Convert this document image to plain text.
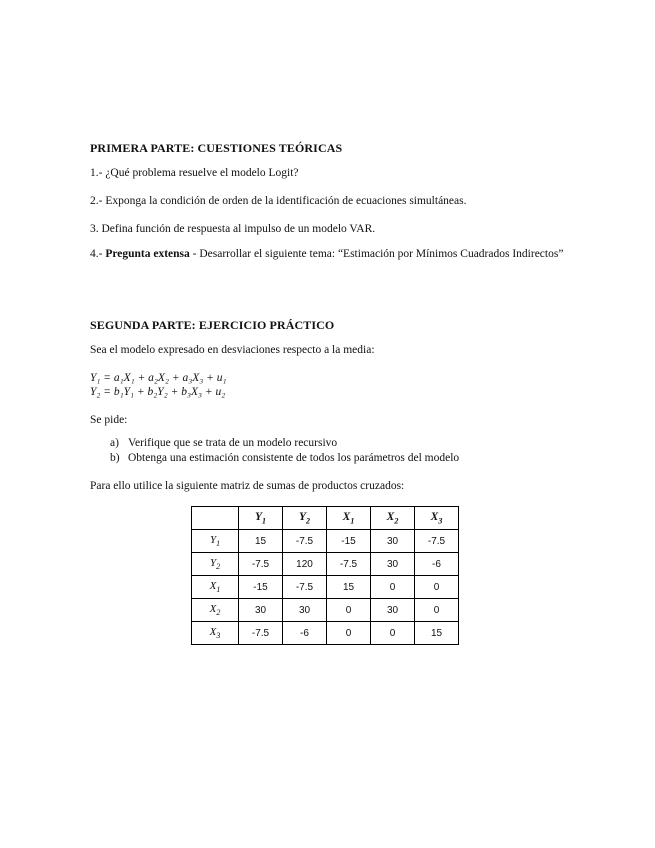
PRIMERA PARTE: CUESTIONES TEÓRICAS
1.- ¿Qué problema resuelve el modelo Logit?
2.- Exponga la condición de orden de la identificación de ecuaciones simultáneas.
3. Defina función de respuesta al impulso de un modelo VAR.
4.- Pregunta extensa - Desarrollar el siguiente tema: “Estimación por Mínimos Cuadrados Indirectos”
SEGUNDA PARTE: EJERCICIO PRÁCTICO
Sea el modelo expresado en desviaciones respecto a la media:
Y₁ = a₁X₁ + a₂X₂ + a₃X₃ + u₁
Y₂ = b₁Y₁ + b₂Y₂ + b₃X₃ + u₂
Se pide:
a) Verifique que se trata de un modelo recursivo
b) Obtenga una estimación consistente de todos los parámetros del modelo
Para ello utilice la siguiente matriz de sumas de productos cruzados:
	$Y_1$	$Y_2$	$X_1$	$X_2$	$X_3$
$Y_1$	15	-7.5	-15	30	-7.5
$Y_2$	-7.5	120	-7.5	30	-6
$X_1$	-15	-7.5	15	0	0
$X_2$	30	30	0	30	0
$X_3$	-7.5	-6	0	0	15
